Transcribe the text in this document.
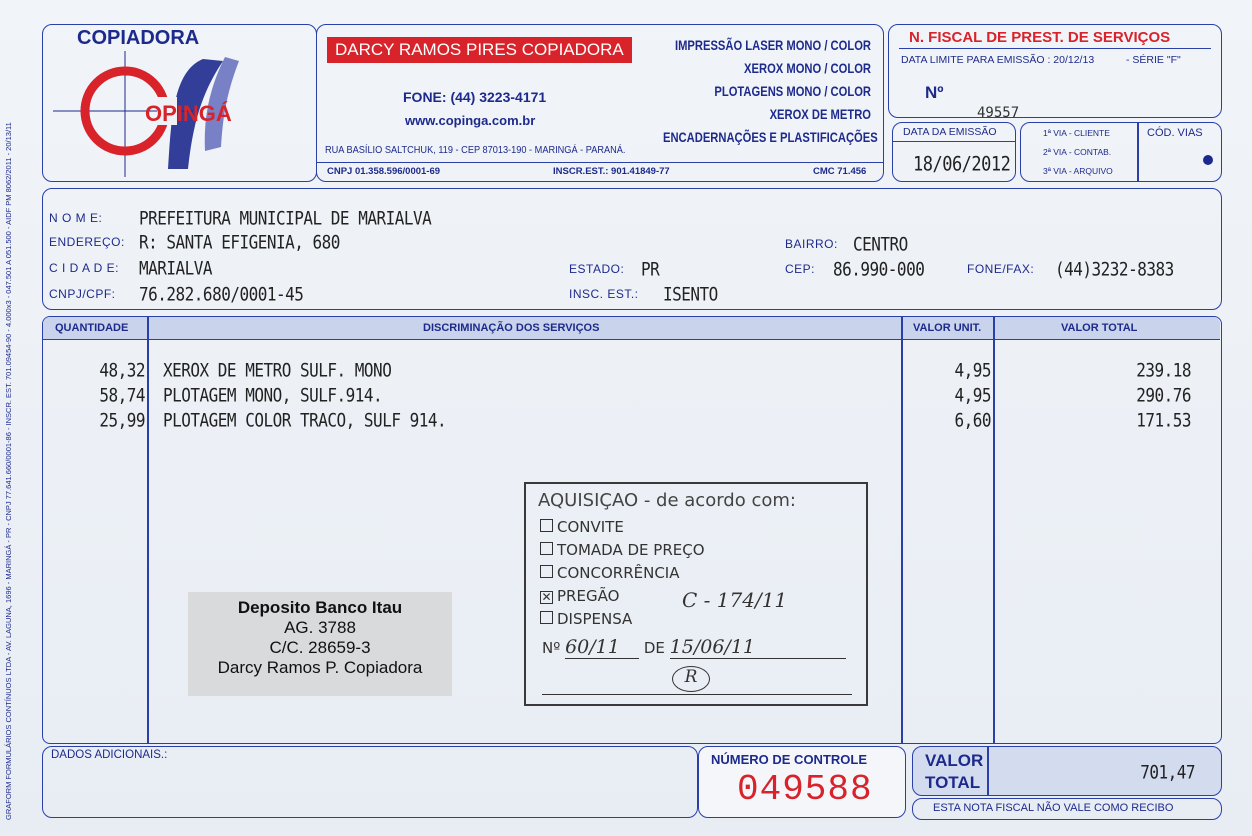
GRAFORM FORMULÁRIOS CONTÍNUOS LTDA - AV. LAGUNA, 1696 - MARINGÁ - PR - CNPJ 77.641.660/0001-86 - INSCR. EST. 701.09454-90 - 4.000x3 - 047.501 A 051.500 - AIDF PM 8062/2011 - 20/13/11
COPIADORA
OPINGÁ
DARCY RAMOS PIRES COPIADORA
FONE: (44) 3223-4171
www.copinga.com.br
RUA BASÍLIO SALTCHUK, 119 - CEP 87013-190 - MARINGÁ - PARANÁ.
CNPJ 01.358.596/0001-69	INSCR.EST.: 901.41849-77	CMC 71.456
IMPRESSÃO LASER MONO / COLOR
XEROX MONO / COLOR
PLOTAGENS MONO / COLOR
XEROX DE METRO
ENCADERNAÇÕES E PLASTIFICAÇÕES
N. FISCAL DE PREST. DE SERVIÇOS
DATA LIMITE PARA EMISSÃO : 20/12/13	- SÉRIE "F"
Nº
49557
DATA DA EMISSÃO
18/06/2012
1ª VIA - CLIENTE
2ª VIA - CONTAB.
3ª VIA - ARQUIVO
CÓD. VIAS
N O M E: PREFEITURA MUNICIPAL DE MARIALVA
ENDEREÇO: R: SANTA EFIGENIA, 680	BAIRRO: CENTRO
C I D A D E: MARIALVA	ESTADO: PR	CEP: 86.990-000	FONE/FAX: (44)3232-8383
CNPJ/CPF: 76.282.680/0001-45	INSC. EST.: ISENTO
QUANTIDADE	DISCRIMINAÇÃO DOS SERVIÇOS	VALOR UNIT.	VALOR TOTAL
48,32 XEROX DE METRO SULF. MONO	4,95	239.18
58,74 PLOTAGEM MONO, SULF.914.	4,95	290.76
25,99 PLOTAGEM COLOR TRACO, SULF 914.	6,60	171.53
AQUISIÇAO - de acordo com:
CONVITE
TOMADA DE PREÇO
CONCORRÊNCIA
✕ PREGÃO
DISPENSA
C - 174/11
Nº 60/11 DE 15/06/11
R
Deposito Banco Itau
AG. 3788
C/C. 28659-3
Darcy Ramos P. Copiadora
DADOS ADICIONAIS.:	NÚMERO DE CONTROLE
049588
VALOR
TOTAL	701,47
ESTA NOTA FISCAL NÃO VALE COMO RECIBO
